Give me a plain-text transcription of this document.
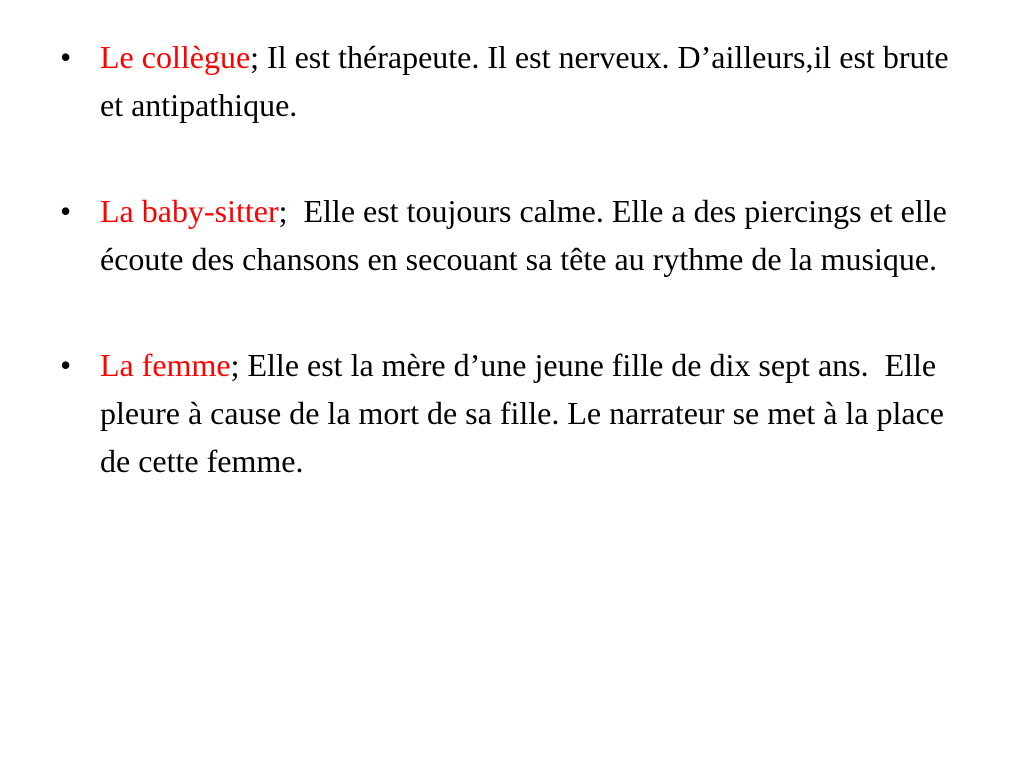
• Le collègue; Il est thérapeute. Il est nerveux. D’ailleurs,il est brute et antipathique.
• La baby-sitter;  Elle est toujours calme. Elle a des piercings et elle écoute des chansons en secouant sa tête au rythme de la musique.
• La femme; Elle est la mère d’une jeune fille de dix sept ans.  Elle pleure à cause de la mort de sa fille. Le narrateur se met à la place de cette femme.
